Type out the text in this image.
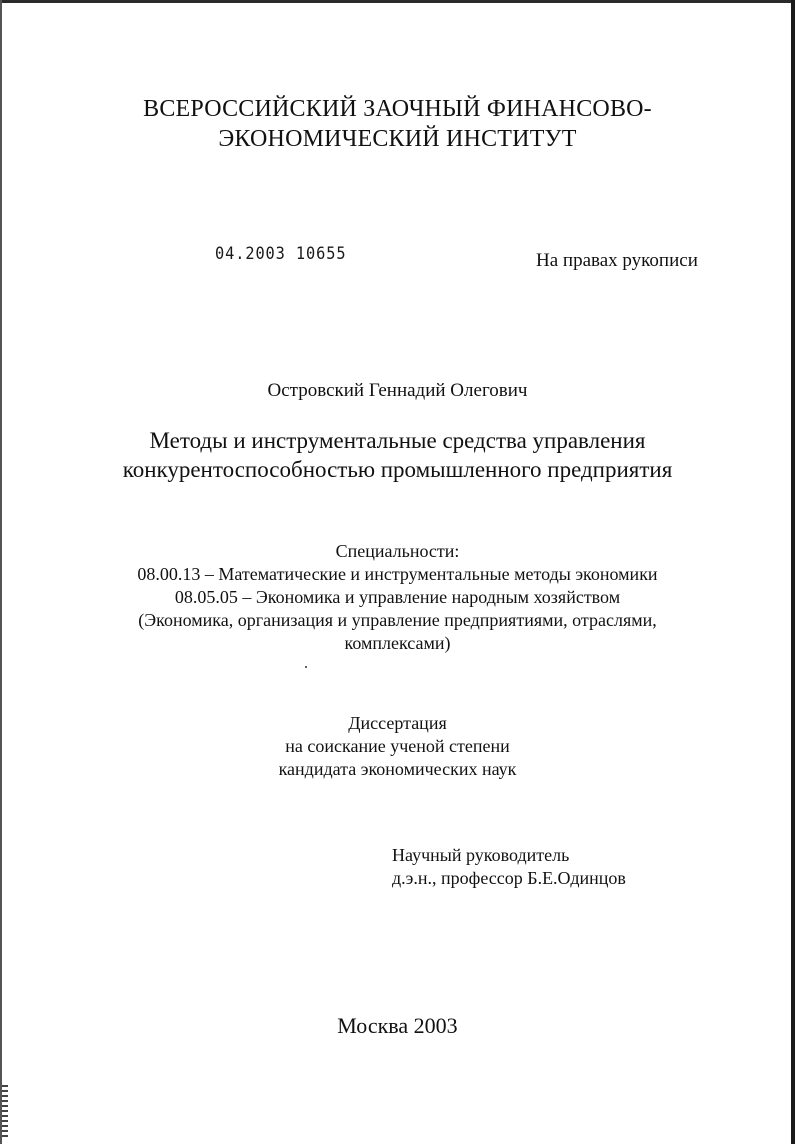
ВСЕРОССИЙСКИЙ ЗАОЧНЫЙ ФИНАНСОВО-
ЭКОНОМИЧЕСКИЙ ИНСТИТУТ
04.2003 10655	На правах рукописи
Островский Геннадий Олегович
Методы и инструментальные средства управления
конкурентоспособностью промышленного предприятия
Специальности:
08.00.13 – Математические и инструментальные методы экономики
08.05.05 – Экономика и управление народным хозяйством
(Экономика, организация и управление предприятиями, отраслями,
комплексами)
Диссертация
на соискание ученой степени
кандидата экономических наук
Научный руководитель
д.э.н., профессор Б.Е.Одинцов
Москва 2003
